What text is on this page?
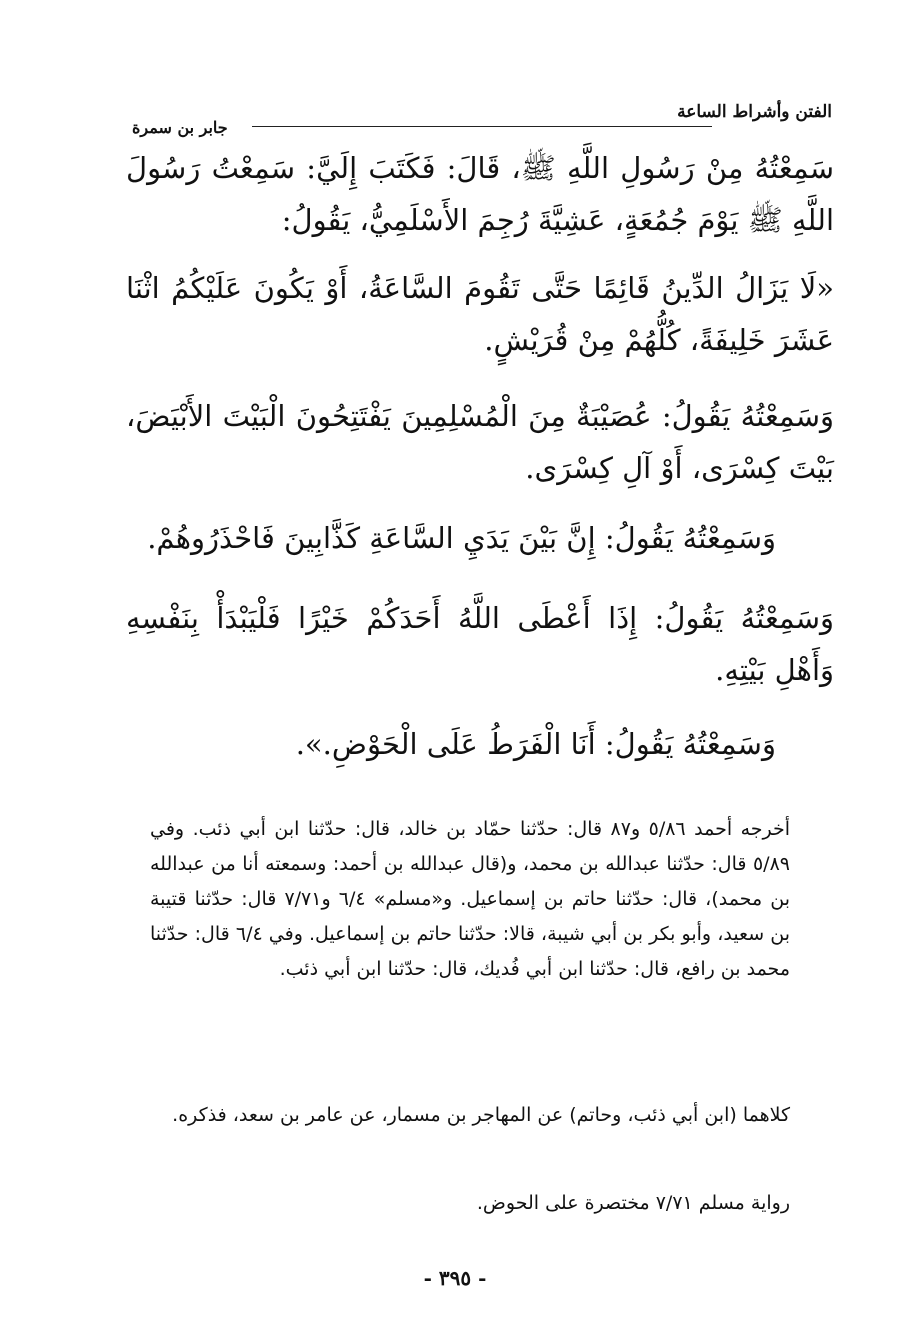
الفتن وأشراط الساعة
جابر بن سمرة
سَمِعْتُهُ مِنْ رَسُولِ اللَّهِ ﷺ، قَالَ: فَكَتَبَ إِلَيَّ: سَمِعْتُ رَسُولَ اللَّهِ ﷺ يَوْمَ جُمُعَةٍ، عَشِيَّةَ رُجِمَ الأَسْلَمِيُّ، يَقُولُ:
«لَا يَزَالُ الدِّينُ قَائِمًا حَتَّى تَقُومَ السَّاعَةُ، أَوْ يَكُونَ عَلَيْكُمُ اثْنَا عَشَرَ خَلِيفَةً، كُلُّهُمْ مِنْ قُرَيْشٍ.
وَسَمِعْتُهُ يَقُولُ: عُصَيْبَةٌ مِنَ الْمُسْلِمِينَ يَفْتَتِحُونَ الْبَيْتَ الأَبْيَضَ، بَيْتَ كِسْرَى، أَوْ آلِ كِسْرَى.
وَسَمِعْتُهُ يَقُولُ: إِنَّ بَيْنَ يَدَيِ السَّاعَةِ كَذَّابِينَ فَاحْذَرُوهُمْ.
وَسَمِعْتُهُ يَقُولُ: إِذَا أَعْطَى اللَّهُ أَحَدَكُمْ خَيْرًا فَلْيَبْدَأْ بِنَفْسِهِ وَأَهْلِ بَيْتِهِ.
وَسَمِعْتُهُ يَقُولُ: أَنَا الْفَرَطُ عَلَى الْحَوْضِ.».
أخرجه أحمد ٥/٨٦ و٨٧ قال: حدّثنا حمّاد بن خالد، قال: حدّثنا ابن أبي ذئب. وفي ٥/٨٩ قال: حدّثنا عبدالله بن محمد، و(قال عبدالله بن أحمد: وسمعته أنا من عبدالله بن محمد)، قال: حدّثنا حاتم بن إسماعيل. و«مسلم» ٦/٤ و٧/٧١ قال: حدّثنا قتيبة بن سعيد، وأبو بكر بن أبي شيبة، قالا: حدّثنا حاتم بن إسماعيل. وفي ٦/٤ قال: حدّثنا محمد بن رافع، قال: حدّثنا ابن أبي فُديك، قال: حدّثنا ابن أبي ذئب.
كلاهما (ابن أبي ذئب، وحاتم) عن المهاجر بن مسمار، عن عامر بن سعد، فذكره.
رواية مسلم ٧/٧١ مختصرة على الحوض.
- ٣٩٥ -
